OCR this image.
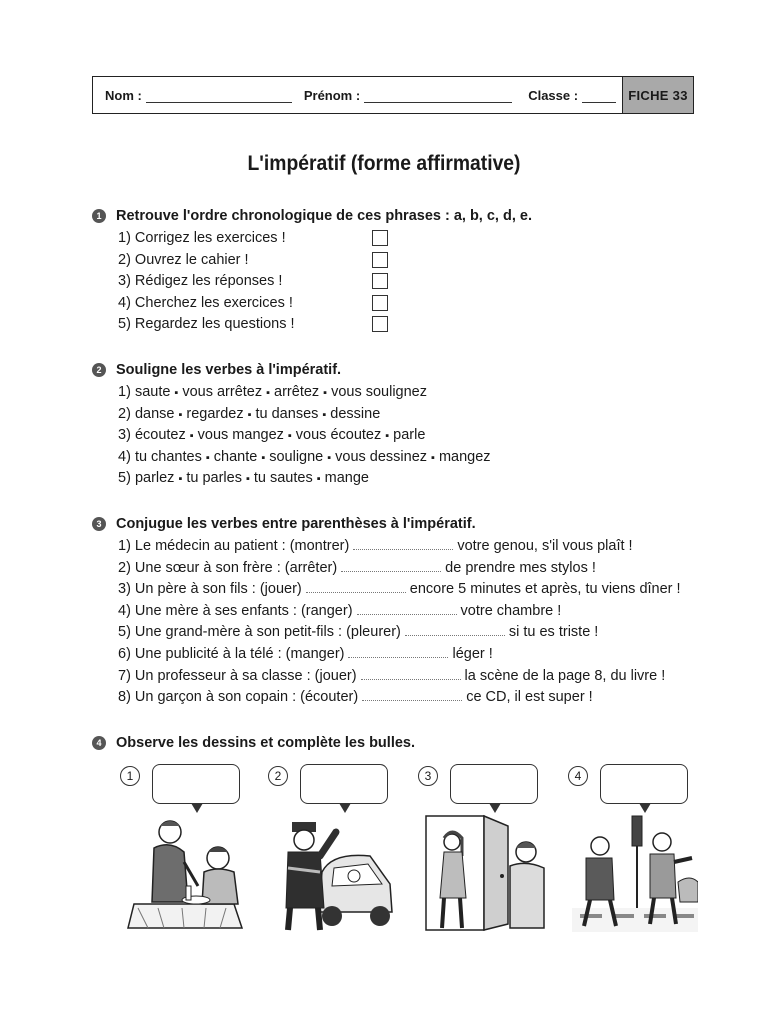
Nom :	Prénom :	Classe :	FICHE 33
L'impératif (forme affirmative)
1	Retrouve l'ordre chronologique de ces phrases : a, b, c, d, e.
1) Corrigez les exercices !
2) Ouvrez le cahier !
3) Rédigez les réponses !
4) Cherchez les exercices !
5) Regardez les questions !
2	Souligne les verbes à l'impératif.
1) saute ▪ vous arrêtez ▪ arrêtez ▪ vous soulignez
2) danse ▪ regardez ▪ tu danses ▪ dessine
3) écoutez ▪ vous mangez ▪ vous écoutez ▪ parle
4) tu chantes ▪ chante ▪ souligne ▪ vous dessinez ▪ mangez
5) parlez ▪ tu parles ▪ tu sautes ▪ mange
3	Conjugue les verbes entre parenthèses à l'impératif.
1) Le médecin au patient : (montrer)	votre genou, s'il vous plaît !
2) Une sœur à son frère : (arrêter)	de prendre mes stylos !
3) Un père à son fils : (jouer)	encore 5 minutes et après, tu viens dîner !
4) Une mère à ses enfants : (ranger)	votre chambre !
5) Une grand-mère à son petit-fils : (pleurer)	si tu es triste !
6) Une publicité à la télé : (manger)	léger !
7) Un professeur à sa classe : (jouer)	la scène de la page 8, du livre !
8) Un garçon à son copain : (écouter)	ce CD, il est super !
4	Observe les dessins et complète les bulles.
1	2	3	4
